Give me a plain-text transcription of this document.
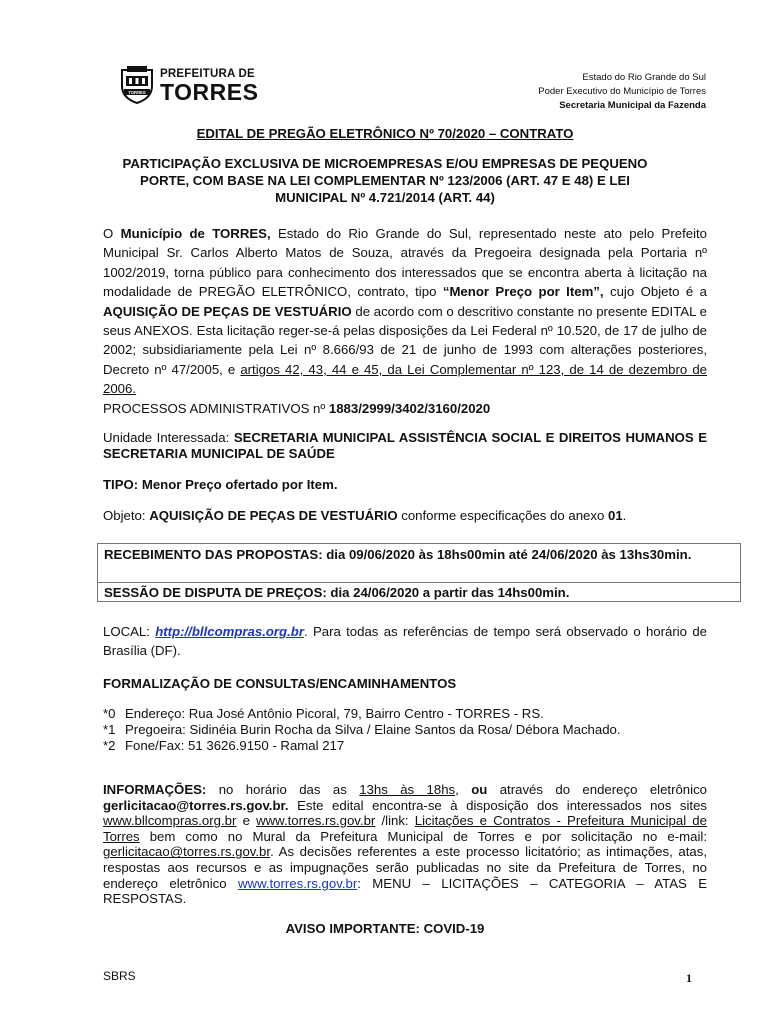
TORRES
PREFEITURA DE
TORRES
Estado do Rio Grande do Sul
Poder Executivo do Município de Torres
Secretaria Municipal da Fazenda
EDITAL DE PREGÃO ELETRÔNICO Nº 70/2020 – CONTRATO
PARTICIPAÇÃO EXCLUSIVA DE MICROEMPRESAS E/OU EMPRESAS DE PEQUENO
PORTE, COM BASE NA LEI COMPLEMENTAR Nº 123/2006 (ART. 47 E 48) E LEI
MUNICIPAL Nº 4.721/2014 (ART. 44)
O Município de TORRES, Estado do Rio Grande do Sul, representado neste ato pelo Prefeito Municipal Sr. Carlos Alberto Matos de Souza, através da Pregoeira designada pela Portaria nº 1002/2019, torna público para conhecimento dos interessados que se encontra aberta à licitação na modalidade de PREGÃO ELETRÔNICO, contrato, tipo “Menor Preço por Item”, cujo Objeto é a AQUISIÇÃO DE PEÇAS DE VESTUÁRIO de acordo com o descritivo constante no presente EDITAL e seus ANEXOS. Esta licitação reger-se-á pelas disposições da Lei Federal nº 10.520, de 17 de julho de 2002; subsidiariamente pela Lei nº 8.666/93 de 21 de junho de 1993 com alterações posteriores, Decreto nº 47/2005, e artigos 42, 43, 44 e 45, da Lei Complementar nº 123, de 14 de dezembro de 2006.
PROCESSOS ADMINISTRATIVOS nº 1883/2999/3402/3160/2020
Unidade Interessada: SECRETARIA MUNICIPAL ASSISTÊNCIA SOCIAL E DIREITOS HUMANOS E SECRETARIA MUNICIPAL DE SAÚDE
TIPO: Menor Preço ofertado por Item.
Objeto: AQUISIÇÃO DE PEÇAS DE VESTUÁRIO conforme especificações do anexo 01.
RECEBIMENTO DAS PROPOSTAS: dia 09/06/2020 às 18hs00min até 24/06/2020 às 13hs30min.
SESSÃO DE DISPUTA DE PREÇOS: dia 24/06/2020 a partir das 14hs00min.
LOCAL: http://bllcompras.org.br. Para todas as referências de tempo será observado o horário de Brasília (DF).
FORMALIZAÇÃO DE CONSULTAS/ENCAMINHAMENTOS
*0 Endereço: Rua José Antônio Picoral, 79, Bairro Centro - TORRES - RS.
*1 Pregoeira: Sidinéia Burin Rocha da Silva / Elaine Santos da Rosa/ Débora Machado.
*2 Fone/Fax: 51 3626.9150 - Ramal 217
INFORMAÇÕES: no horário das as 13hs às 18hs, ou através do endereço eletrônico gerlicitacao@torres.rs.gov.br. Este edital encontra-se à disposição dos interessados nos sites www.bllcompras.org.br e www.torres.rs.gov.br /link: Licitações e Contratos - Prefeitura Municipal de Torres bem como no Mural da Prefeitura Municipal de Torres e por solicitação no e-mail: gerlicitacao@torres.rs.gov.br. As decisões referentes a este processo licitatório; as intimações, atas, respostas aos recursos e as impugnações serão publicadas no site da Prefeitura de Torres, no endereço eletrônico www.torres.rs.gov.br: MENU – LICITAÇÕES – CATEGORIA – ATAS E RESPOSTAS.
AVISO IMPORTANTE: COVID-19
SBRS	1
